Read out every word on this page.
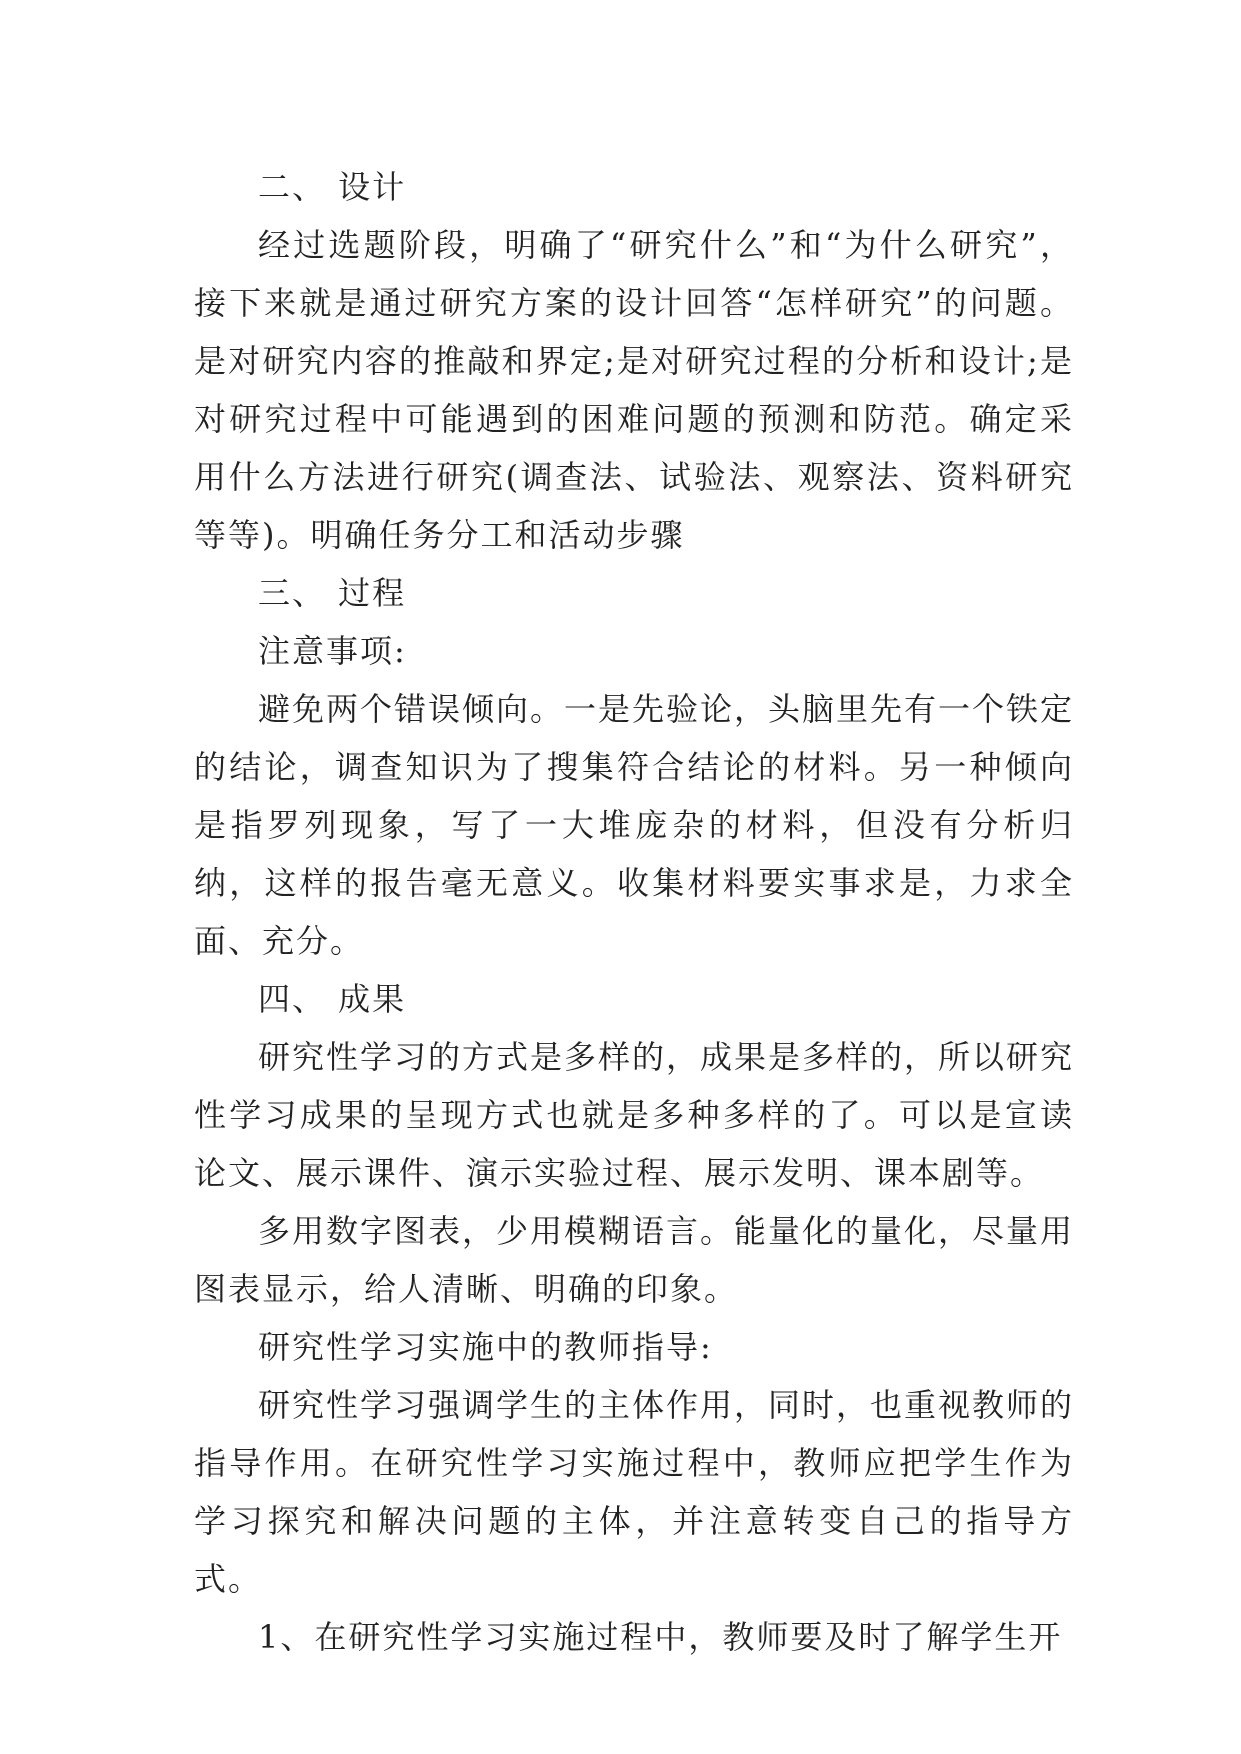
二、 设计

经过选题阶段，明确了“研究什么”和“为什么研究”，接下来就是通过研究方案的设计回答“怎样研究”的问题。是对研究内容的推敲和界定;是对研究过程的分析和设计;是对研究过程中可能遇到的困难问题的预测和防范。确定采用什么方法进行研究(调查法、试验法、观察法、资料研究等等)。明确任务分工和活动步骤

三、 过程

注意事项:

避免两个错误倾向。一是先验论，头脑里先有一个铁定的结论，调查知识为了搜集符合结论的材料。另一种倾向是指罗列现象，写了一大堆庞杂的材料，但没有分析归纳，这样的报告毫无意义。收集材料要实事求是，力求全面、充分。

四、 成果

研究性学习的方式是多样的，成果是多样的，所以研究性学习成果的呈现方式也就是多种多样的了。可以是宣读论文、展示课件、演示实验过程、展示发明、课本剧等。

多用数字图表，少用模糊语言。能量化的量化，尽量用图表显示，给人清晰、明确的印象。

研究性学习实施中的教师指导:

研究性学习强调学生的主体作用，同时，也重视教师的指导作用。在研究性学习实施过程中，教师应把学生作为学习探究和解决问题的主体，并注意转变自己的指导方式。

1、在研究性学习实施过程中，教师要及时了解学生开
